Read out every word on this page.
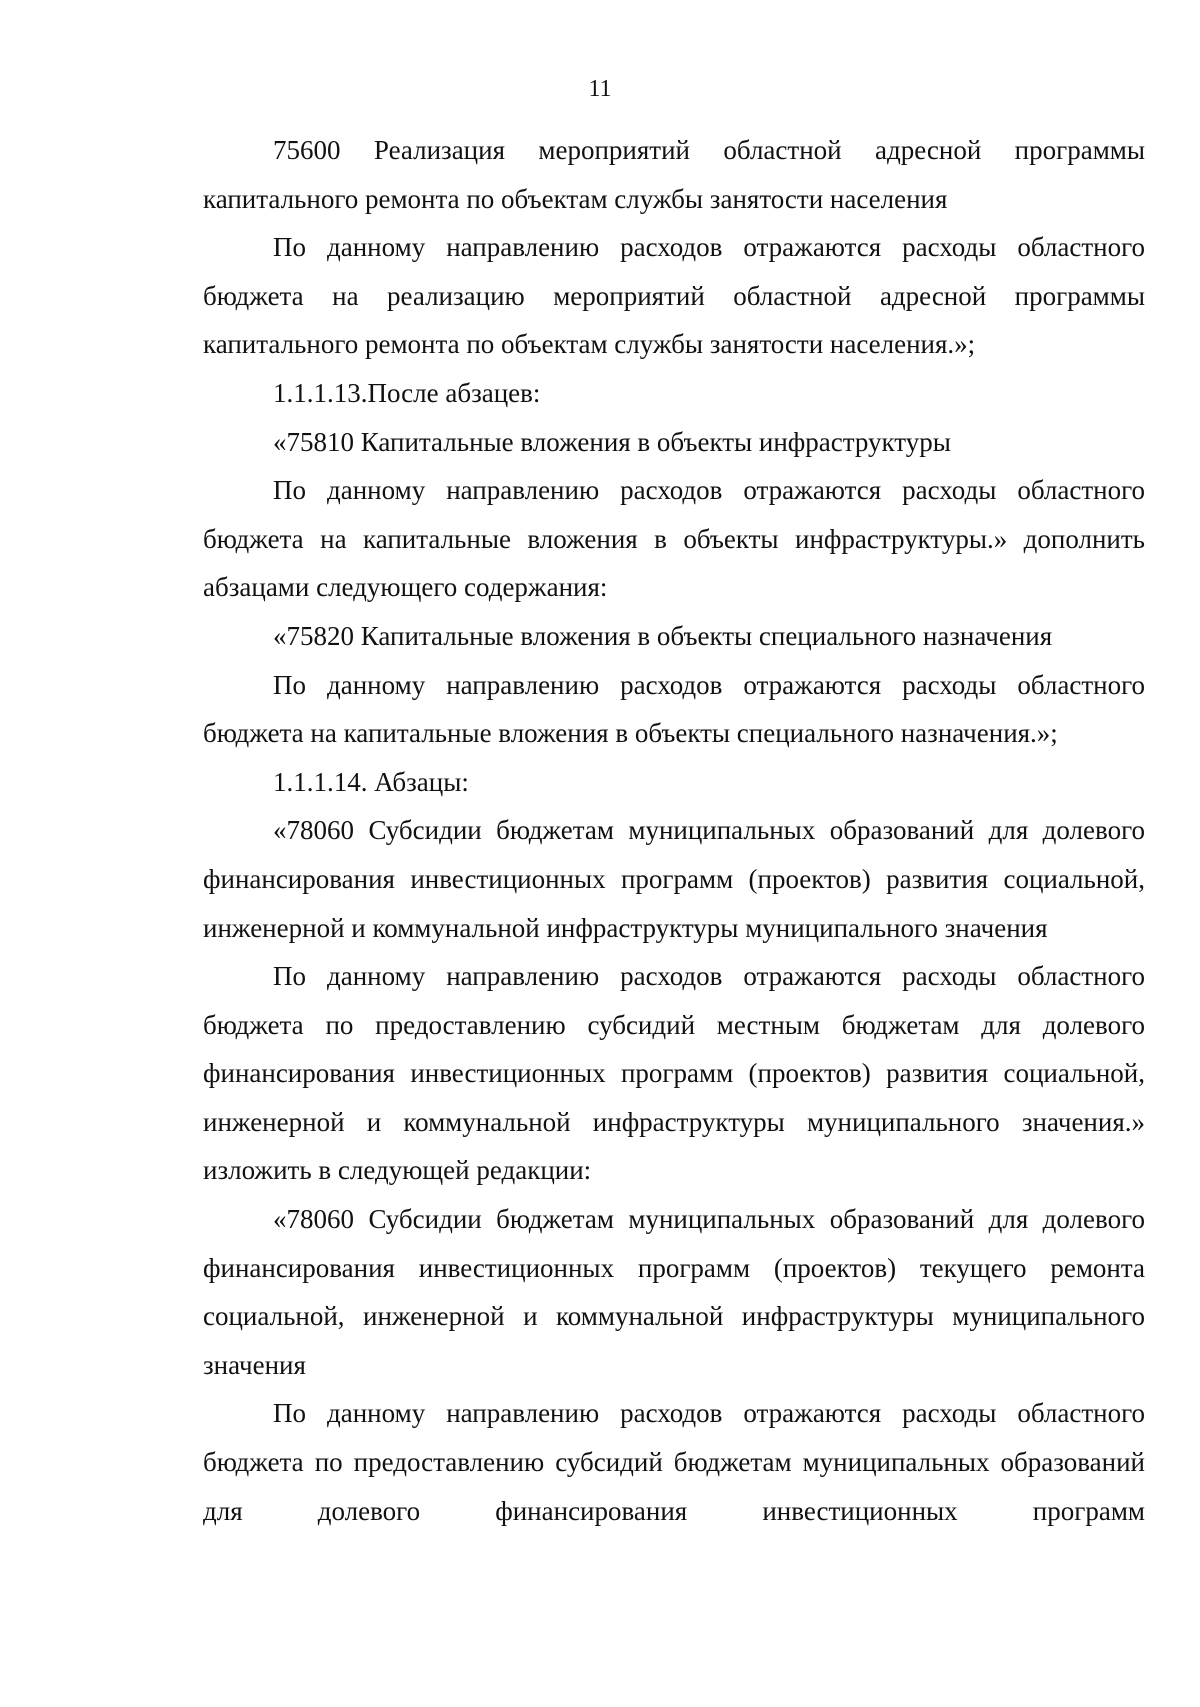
11

75600 Реализация мероприятий областной адресной программы капитального ремонта по объектам службы занятости населения

По данному направлению расходов отражаются расходы областного бюджета на реализацию мероприятий областной адресной программы капитального ремонта по объектам службы занятости населения.»;

1.1.1.13.После абзацев:

«75810 Капитальные вложения в объекты инфраструктуры

По данному направлению расходов отражаются расходы областного бюджета на капитальные вложения в объекты инфраструктуры.» дополнить абзацами следующего содержания:

«75820 Капитальные вложения в объекты специального назначения

По данному направлению расходов отражаются расходы областного бюджета на капитальные вложения в объекты специального назначения.»;

1.1.1.14. Абзацы:

«78060 Субсидии бюджетам муниципальных образований для долевого финансирования инвестиционных программ (проектов) развития социальной, инженерной и коммунальной инфраструктуры муниципального значения

По данному направлению расходов отражаются расходы областного бюджета по предоставлению субсидий местным бюджетам для долевого финансирования инвестиционных программ (проектов) развития социальной, инженерной и коммунальной инфраструктуры муниципального значения.» изложить в следующей редакции:

«78060 Субсидии бюджетам муниципальных образований для долевого финансирования инвестиционных программ (проектов) текущего ремонта социальной, инженерной и коммунальной инфраструктуры муниципального значения

По данному направлению расходов отражаются расходы областного бюджета по предоставлению субсидий бюджетам муниципальных образований для долевого финансирования инвестиционных программ
